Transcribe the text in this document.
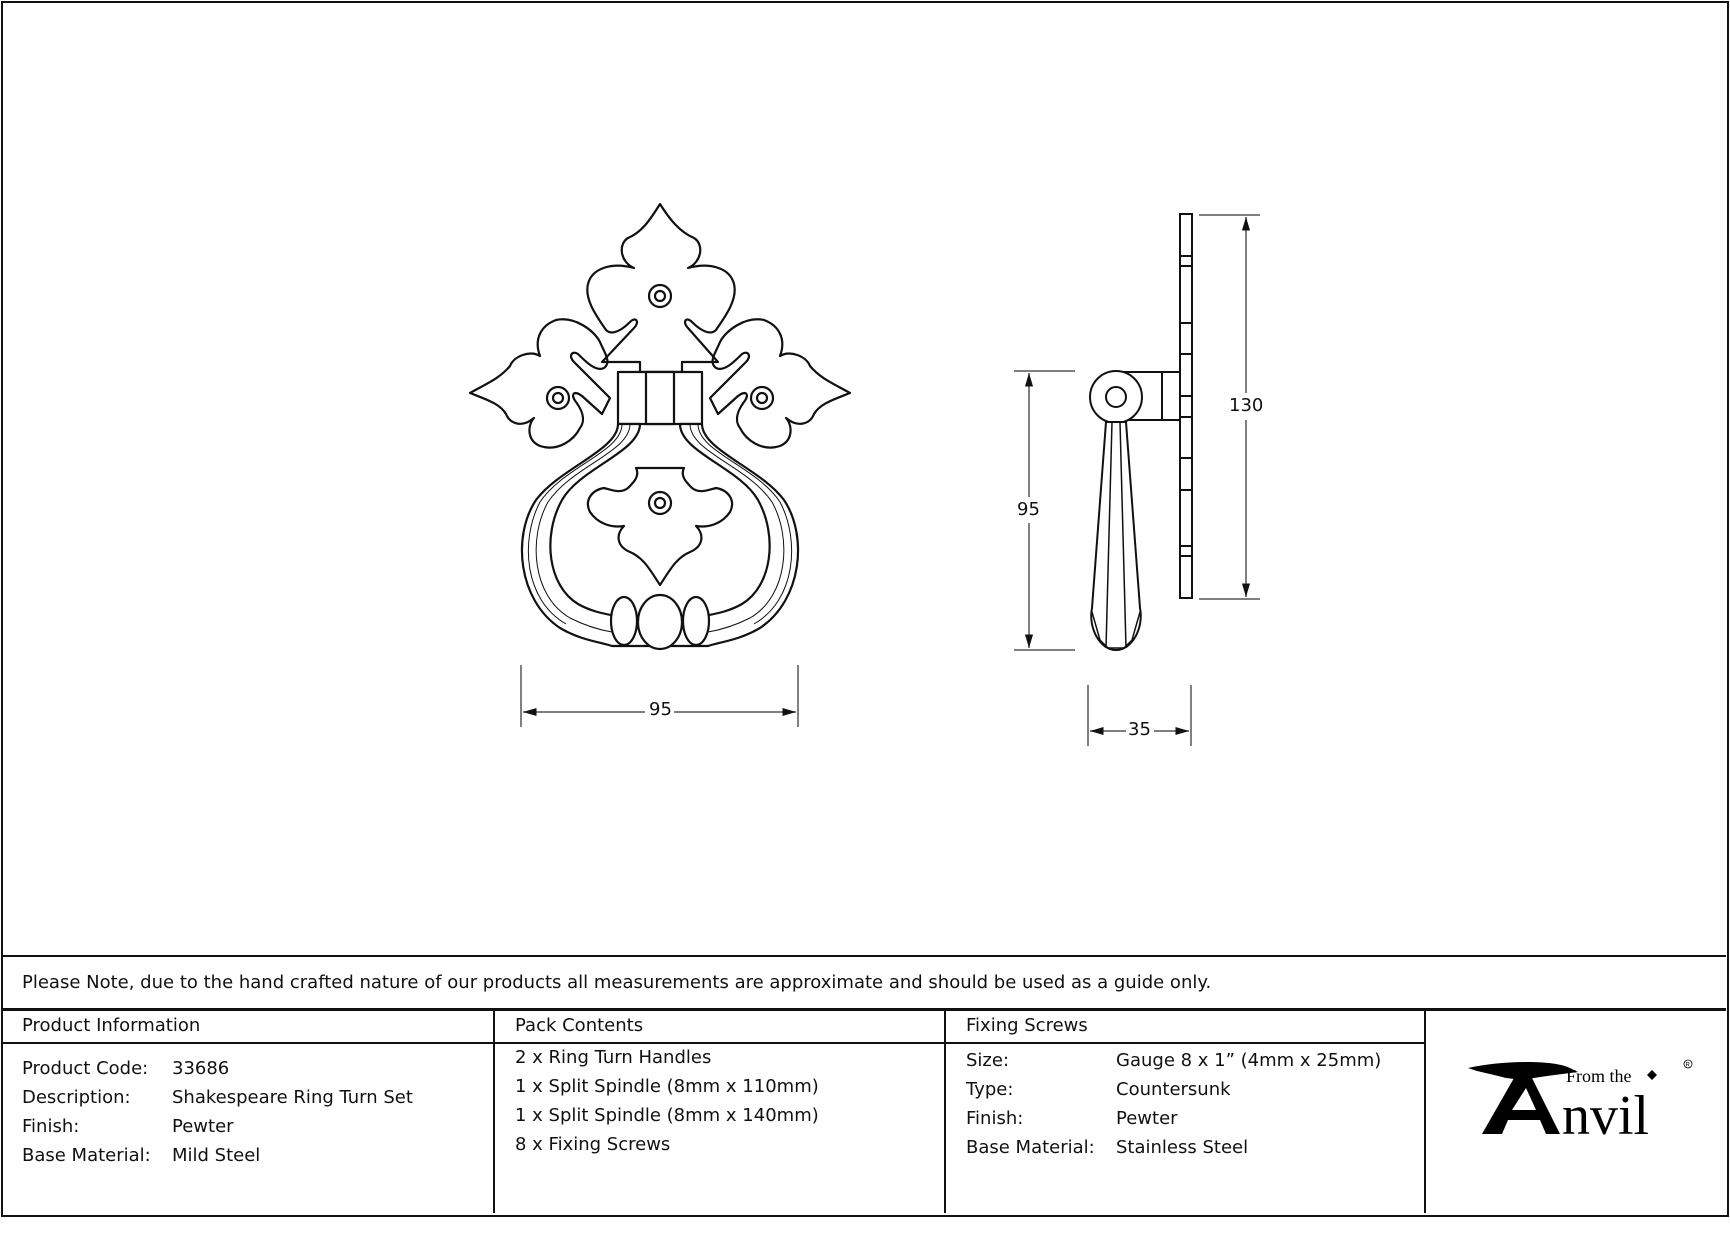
95
95
130
35
Please Note, due to the hand crafted nature of our products all measurements are approximate and should be used as a guide only.
Product Information
Product Code:	33686
Description:	Shakespeare Ring Turn Set
Finish:	Pewter
Base Material:	Mild Steel
Pack Contents
2 x Ring Turn Handles
1 x Split Spindle (8mm x 110mm)
1 x Split Spindle (8mm x 140mm)
8 x Fixing Screws
Fixing Screws
Size:	Gauge 8 x 1” (4mm x 25mm)
Type:	Countersunk
Finish:	Pewter
Base Material:	Stainless Steel
nvil
From the
R
